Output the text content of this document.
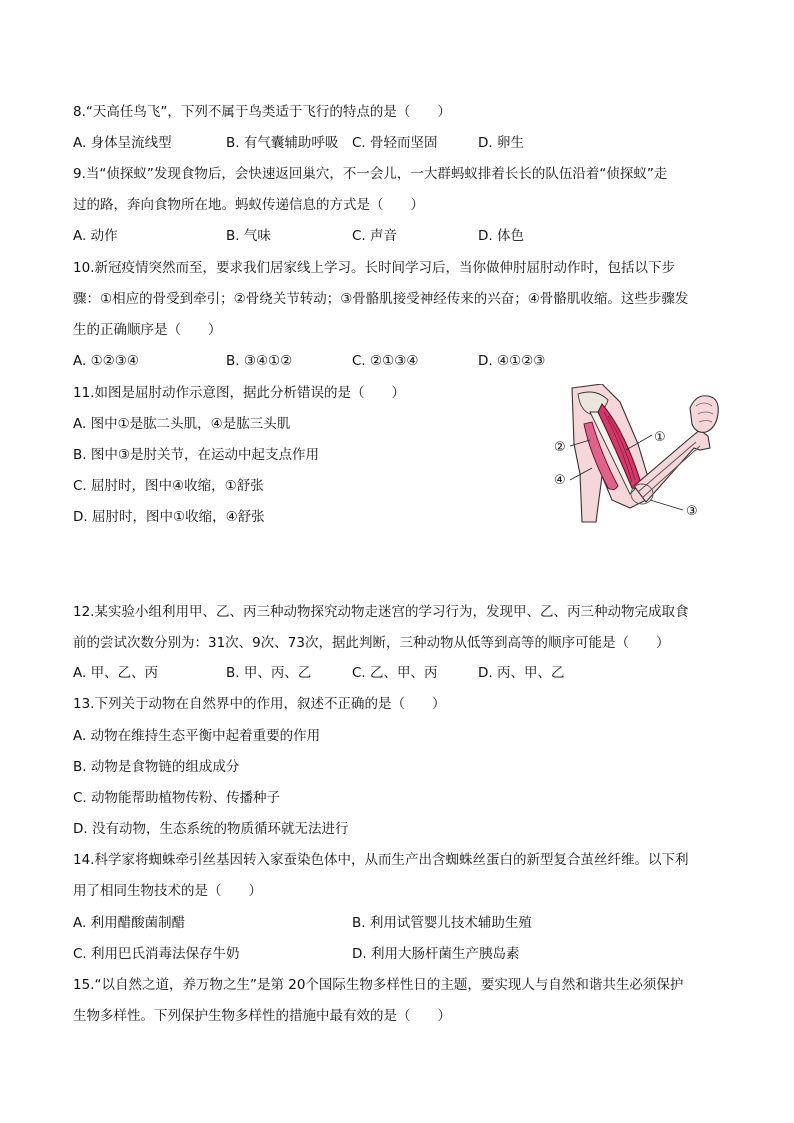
8.“天高任鸟飞”，下列不属于鸟类适于飞行的特点的是（　　）
A. 身体呈流线型	B. 有气囊辅助呼吸 C. 骨轻而坚固	D. 卵生
9.当“侦探蚁”发现食物后，会快速返回巢穴，不一会儿，一大群蚂蚁排着长长的队伍沿着“侦探蚁”走
过的路，奔向食物所在地。蚂蚁传递信息的方式是（　　）
A. 动作	B. 气味	C. 声音	D. 体色
10.新冠疫情突然而至，要求我们居家线上学习。长时间学习后，当你做伸肘屈肘动作时，包括以下步
骤：①相应的骨受到牵引；②骨绕关节转动；③骨骼肌接受神经传来的兴奋；④骨骼肌收缩。这些步骤发
生的正确顺序是（　　）
A. ①②③④	B. ③④①②	C. ②①③④	D. ④①②③
11.如图是屈肘动作示意图，据此分析错误的是（　　）
A. 图中①是肱二头肌，④是肱三头肌
B. 图中③是肘关节，在运动中起支点作用
C. 屈肘时，图中④收缩，①舒张
D. 屈肘时，图中①收缩，④舒张
②
④
①
③
12.某实验小组利用甲、乙、丙三种动物探究动物走迷宫的学习行为，发现甲、乙、丙三种动物完成取食
前的尝试次数分别为：31次、9次、73次，据此判断，三种动物从低等到高等的顺序可能是（　　）
A. 甲、乙、丙	B. 甲、丙、乙	C. 乙、甲、丙	D. 丙、甲、乙
13.下列关于动物在自然界中的作用，叙述不正确的是（　　）
A. 动物在维持生态平衡中起着重要的作用
B. 动物是食物链的组成成分
C. 动物能帮助植物传粉、传播种子
D. 没有动物，生态系统的物质循环就无法进行
14.科学家将蜘蛛牵引丝基因转入家蚕染色体中，从而生产出含蜘蛛丝蛋白的新型复合茧丝纤维。以下利
用了相同生物技术的是（　　）
A. 利用醋酸菌制醋	B. 利用试管婴儿技术辅助生殖
C. 利用巴氏消毒法保存牛奶	D. 利用大肠杆菌生产胰岛素
15.“以自然之道，养万物之生”是第 20个国际生物多样性日的主题，要实现人与自然和谐共生必须保护
生物多样性。下列保护生物多样性的措施中最有效的是（　　）
